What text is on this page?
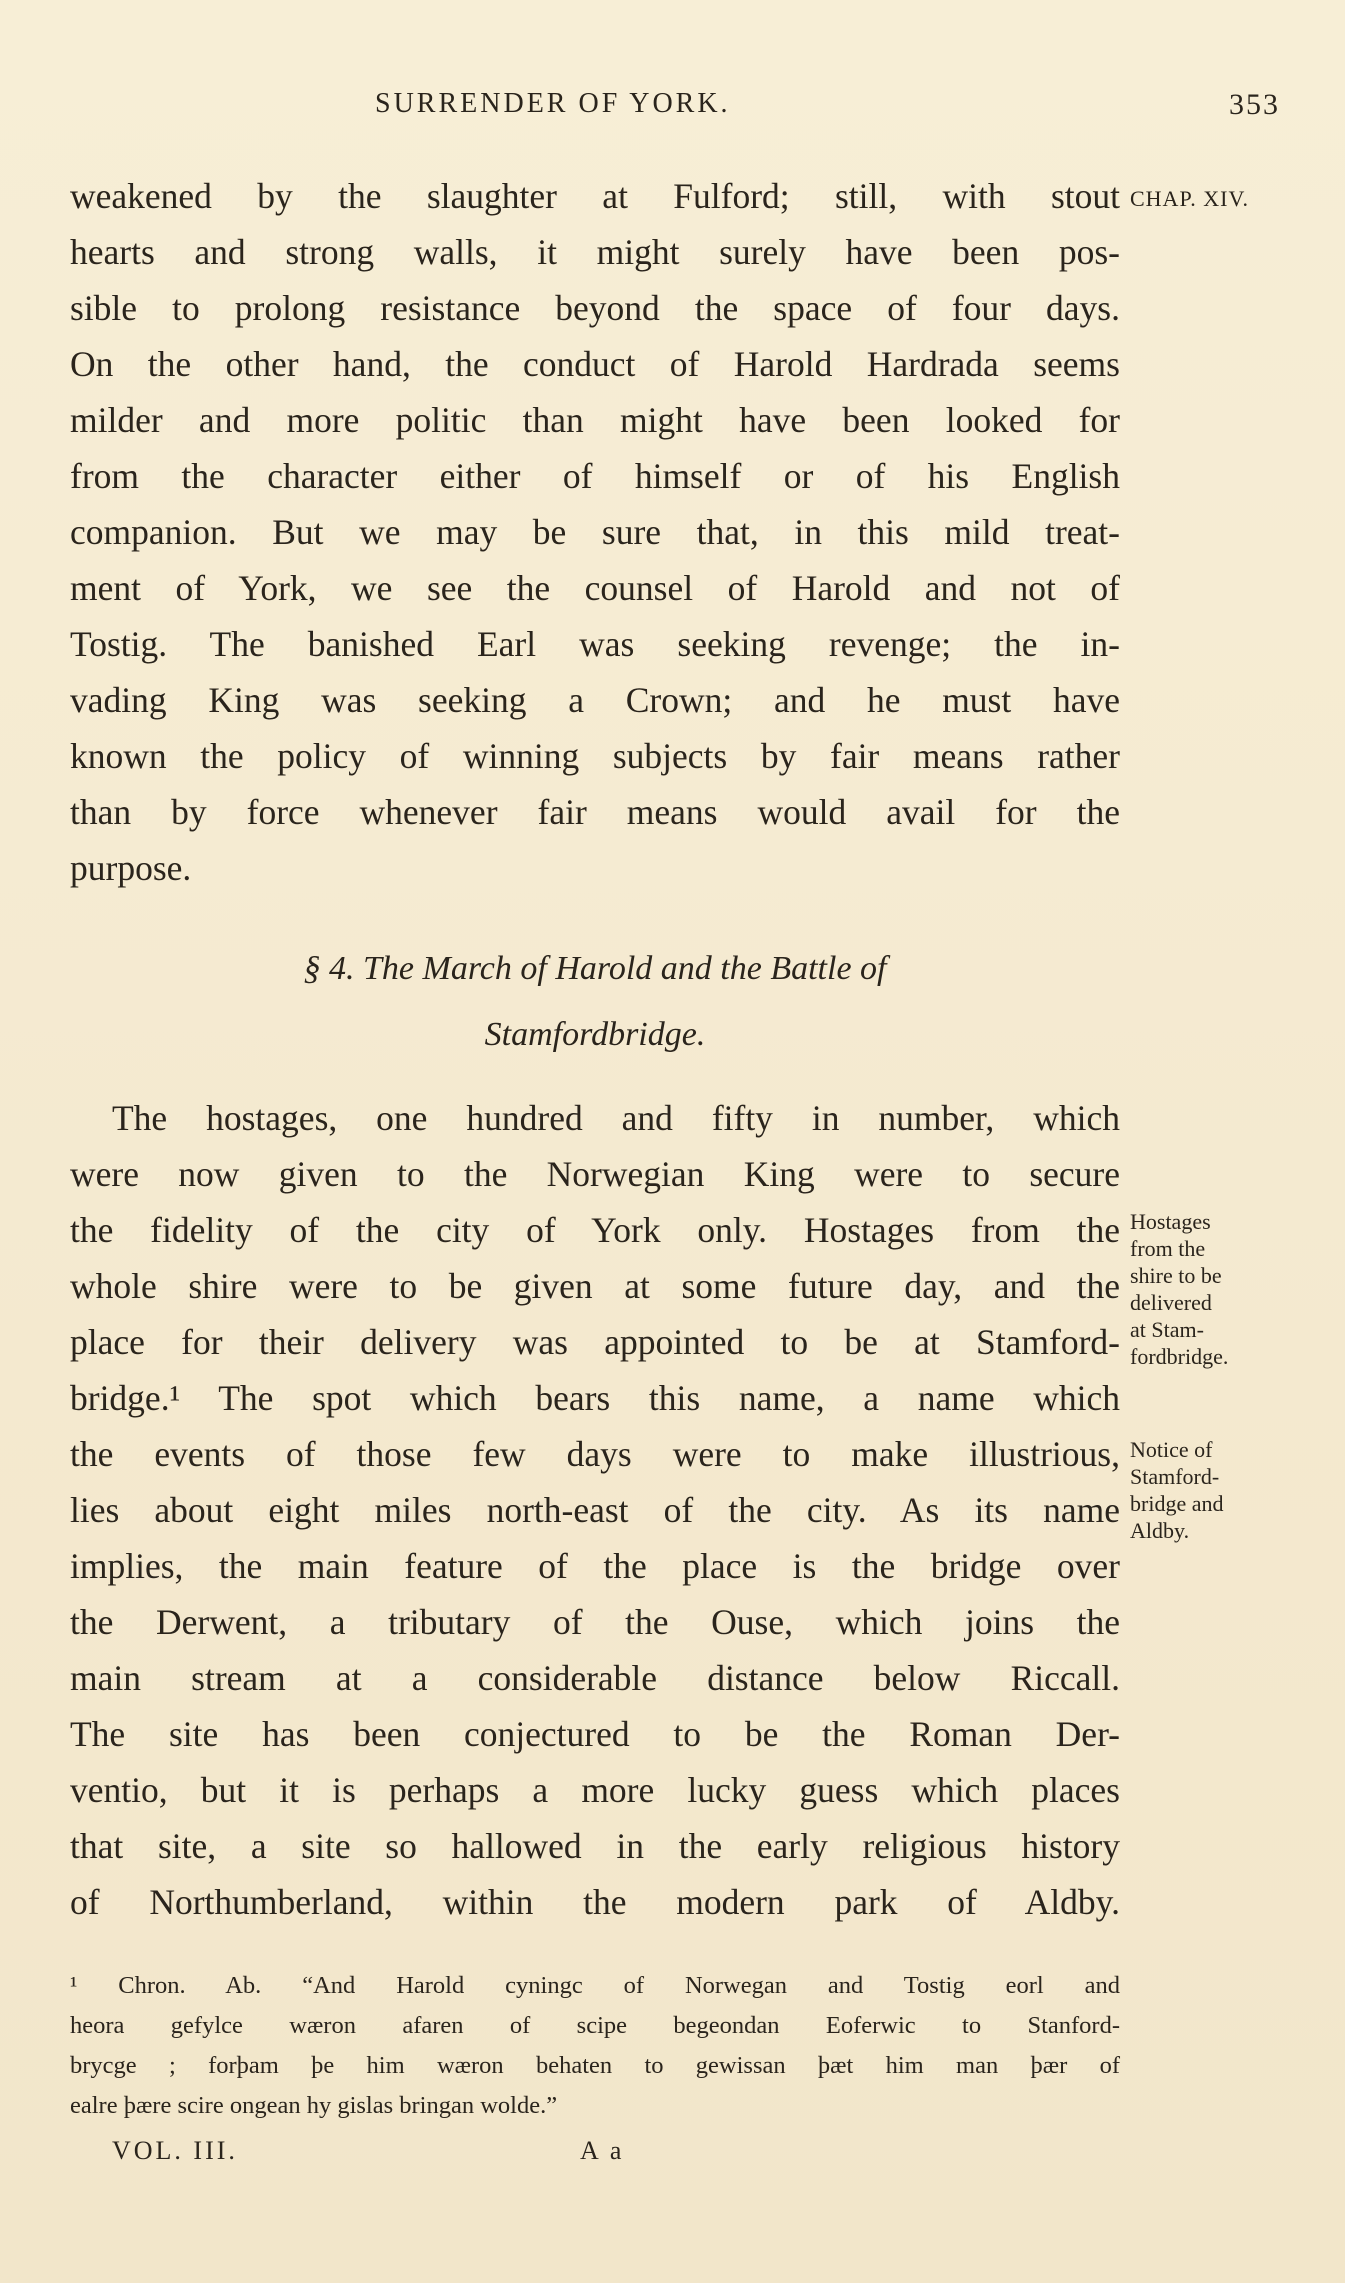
SURRENDER OF YORK.	353
weakened by the slaughter at Fulford; still, with stout
hearts and strong walls, it might surely have been pos-
sible to prolong resistance beyond the space of four days.
On the other hand, the conduct of Harold Hardrada seems
milder and more politic than might have been looked for
from the character either of himself or of his English
companion. But we may be sure that, in this mild treat-
ment of York, we see the counsel of Harold and not of
Tostig. The banished Earl was seeking revenge; the in-
vading King was seeking a Crown; and he must have
known the policy of winning subjects by fair means rather
than by force whenever fair means would avail for the
purpose.
CHAP. XIV.
§ 4. The March of Harold and the Battle of
Stamfordbridge.
The hostages, one hundred and fifty in number, which
were now given to the Norwegian King were to secure
the fidelity of the city of York only. Hostages from the
whole shire were to be given at some future day, and the
place for their delivery was appointed to be at Stamford-
bridge.¹ The spot which bears this name, a name which
the events of those few days were to make illustrious,
lies about eight miles north-east of the city. As its name
implies, the main feature of the place is the bridge over
the Derwent, a tributary of the Ouse, which joins the
main stream at a considerable distance below Riccall.
The site has been conjectured to be the Roman Der-
ventio, but it is perhaps a more lucky guess which places
that site, a site so hallowed in the early religious history
of Northumberland, within the modern park of Aldby.
Hostages
from the
shire to be
delivered
at Stam-
fordbridge.
Notice of
Stamford-
bridge and
Aldby.
¹ Chron. Ab. “And Harold cyningc of Norwegan and Tostig eorl and
heora gefylce wæron afaren of scipe begeondan Eoferwic to Stanford-
brycge ; forþam þe him wæron behaten to gewissan þæt him man þær of
ealre þære scire ongean hy gislas bringan wolde.”
VOL. III.	A a
